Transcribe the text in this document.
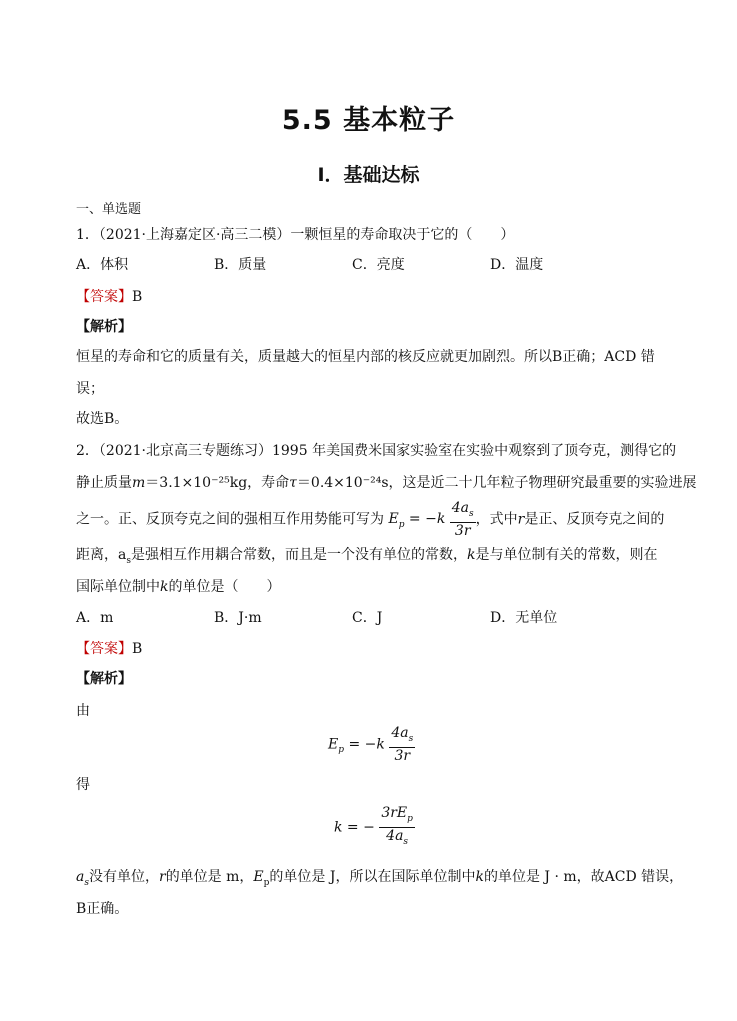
5.5 基本粒子
I．基础达标
一、单选题
1．（2021·上海嘉定区·高三二模）一颗恒星的寿命取决于它的（　　）
A．体积	B．质量	C．亮度	D．温度
【答案】B
【解析】
恒星的寿命和它的质量有关，质量越大的恒星内部的核反应就更加剧烈。所以B正确；ACD 错
误；
故选B。
2．（2021·北京高三专题练习）1995 年美国费米国家实验室在实验中观察到了顶夸克，测得它的
静止质量m＝3.1×10⁻²⁵kg，寿命τ＝0.4×10⁻²⁴s，这是近二十几年粒子物理研究最重要的实验进展
之一。正、反顶夸克之间的强相互作用势能可写为 $E_p = -k \frac{4a_s}{3r}$ ，式中r是正、反顶夸克之间的
距离，$a_s$是强相互作用耦合常数，而且是一个没有单位的常数，k是与单位制有关的常数，则在
国际单位制中k的单位是（　　）
A．m	B．J·m	C．J	D．无单位
【答案】B
【解析】
由
$E_p = -k \frac{4a_s}{3r}$
得
k = − $\frac{3rE_p}{4a_s}$
$a_s$没有单位，r的单位是 m，$E_p$的单位是 J，所以在国际单位制中k的单位是 J · m，故ACD 错误，
B正确。
